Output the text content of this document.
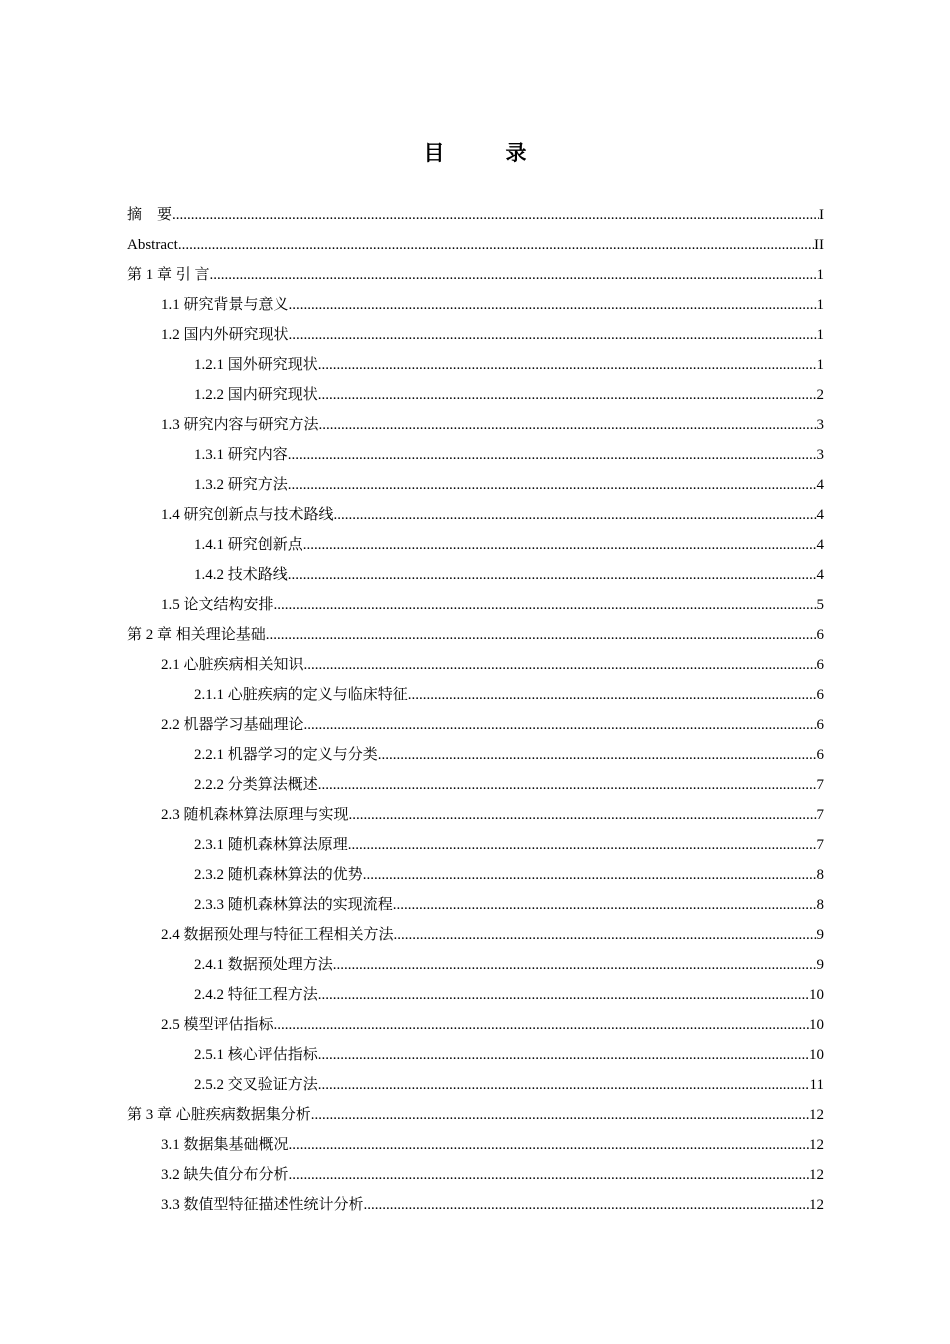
目　录
摘　要 .....	I
Abstract .....	II
第 1 章 引 言 .....	1
1.1 研究背景与意义 .....	1
1.2 国内外研究现状 .....	1
1.2.1 国外研究现状 .....	1
1.2.2 国内研究现状 .....	2
1.3 研究内容与研究方法 .....	3
1.3.1 研究内容 .....	3
1.3.2 研究方法 .....	4
1.4 研究创新点与技术路线 .....	4
1.4.1 研究创新点 .....	4
1.4.2 技术路线 .....	4
1.5 论文结构安排 .....	5
第 2 章 相关理论基础 .....	6
2.1 心脏疾病相关知识 .....	6
2.1.1 心脏疾病的定义与临床特征 .....	6
2.2 机器学习基础理论 .....	6
2.2.1 机器学习的定义与分类 .....	6
2.2.2 分类算法概述 .....	7
2.3 随机森林算法原理与实现 .....	7
2.3.1 随机森林算法原理 .....	7
2.3.2 随机森林算法的优势 .....	8
2.3.3 随机森林算法的实现流程 .....	8
2.4 数据预处理与特征工程相关方法 .....	9
2.4.1 数据预处理方法 .....	9
2.4.2 特征工程方法 .....	10
2.5 模型评估指标 .....	10
2.5.1 核心评估指标 .....	10
2.5.2 交叉验证方法 .....	11
第 3 章 心脏疾病数据集分析 .....	12
3.1 数据集基础概况 .....	12
3.2 缺失值分布分析 .....	12
3.3 数值型特征描述性统计分析 .....	12
